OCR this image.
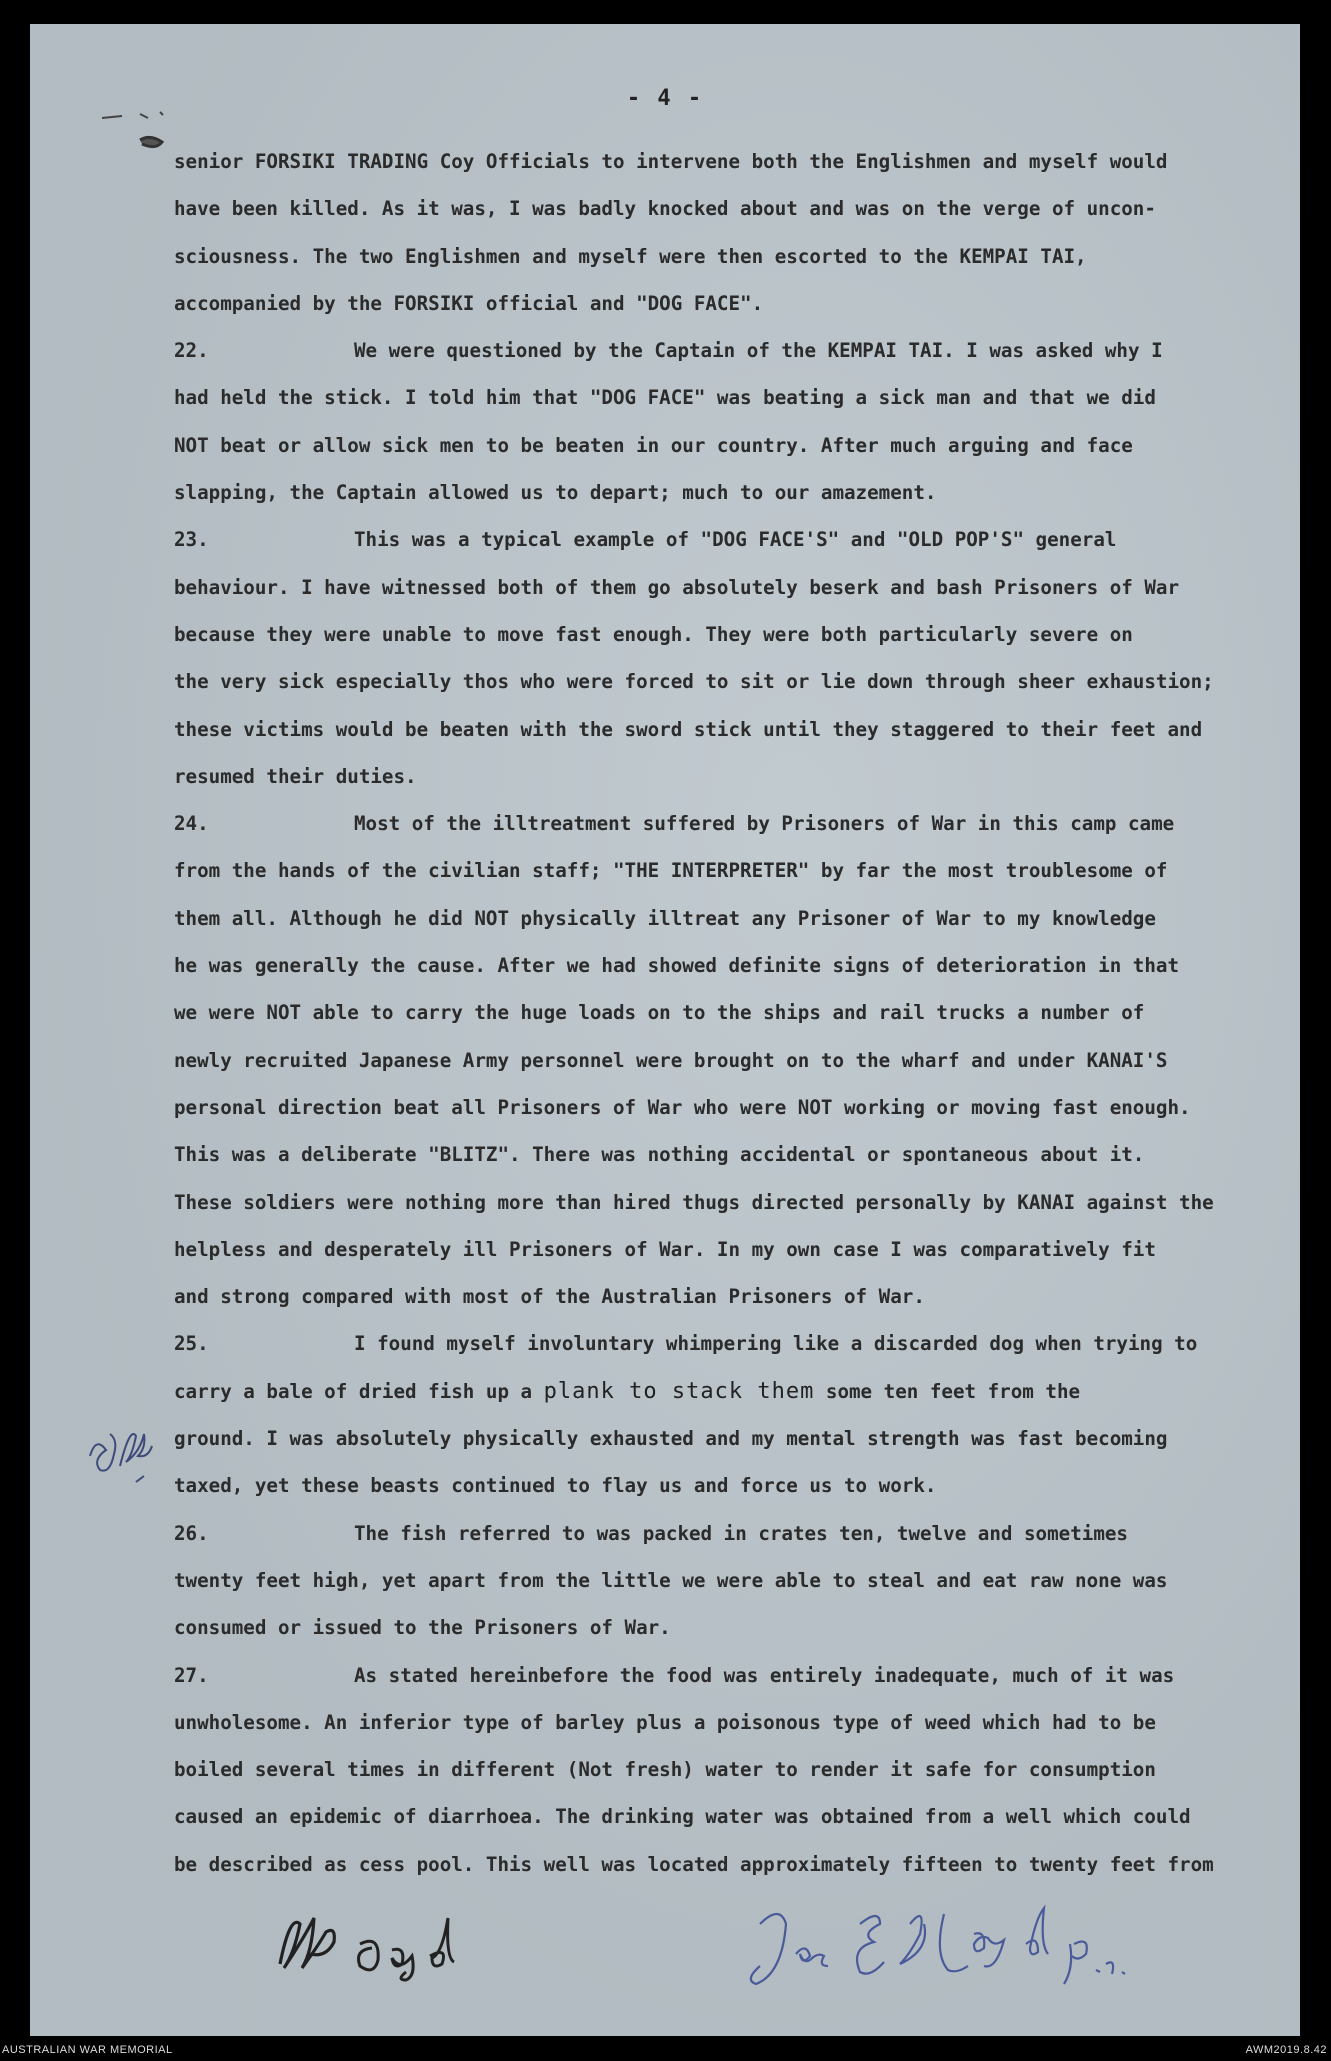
- 4 -
senior FORSIKI TRADING Coy Officials to intervene both the Englishmen and myself would
have been killed. As it was, I was badly knocked about and was on the verge of uncon-
sciousness. The two Englishmen and myself were then escorted to the KEMPAI TAI,
accompanied by the FORSIKI official and "DOG FACE".
22.	We were questioned by the Captain of the KEMPAI TAI. I was asked why I
had held the stick. I told him that "DOG FACE" was beating a sick man and that we did
NOT beat or allow sick men to be beaten in our country. After much arguing and face
slapping, the Captain allowed us to depart; much to our amazement.
23.	This was a typical example of "DOG FACE'S" and "OLD POP'S" general
behaviour. I have witnessed both of them go absolutely beserk and bash Prisoners of War
because they were unable to move fast enough. They were both particularly severe on
the very sick especially thos who were forced to sit or lie down through sheer exhaustion;
these victims would be beaten with the sword stick until they staggered to their feet and
resumed their duties.
24.	Most of the illtreatment suffered by Prisoners of War in this camp came
from the hands of the civilian staff; "THE INTERPRETER" by far the most troublesome of
them all. Although he did NOT physically illtreat any Prisoner of War to my knowledge
he was generally the cause. After we had showed definite signs of deterioration in that
we were NOT able to carry the huge loads on to the ships and rail trucks a number of
newly recruited Japanese Army personnel were brought on to the wharf and under KANAI'S
personal direction beat all Prisoners of War who were NOT working or moving fast enough.
This was a deliberate "BLITZ". There was nothing accidental or spontaneous about it.
These soldiers were nothing more than hired thugs directed personally by KANAI against the
helpless and desperately ill Prisoners of War. In my own case I was comparatively fit
and strong compared with most of the Australian Prisoners of War.
25.	I found myself involuntary whimpering like a discarded dog when trying to
carry a bale of dried fish up a plank to stack them some ten feet from the
ground. I was absolutely physically exhausted and my mental strength was fast becoming
taxed, yet these beasts continued to flay us and force us to work.
26.	The fish referred to was packed in crates ten, twelve and sometimes
twenty feet high, yet apart from the little we were able to steal and eat raw none was
consumed or issued to the Prisoners of War.
27.	As stated hereinbefore the food was entirely inadequate, much of it was
unwholesome. An inferior type of barley plus a poisonous type of weed which had to be
boiled several times in different (Not fresh) water to render it safe for consumption
caused an epidemic of diarrhoea. The drinking water was obtained from a well which could
be described as cess pool. This well was located approximately fifteen to twenty feet from
AUSTRALIAN WAR MEMORIAL	AWM2019.8.42
